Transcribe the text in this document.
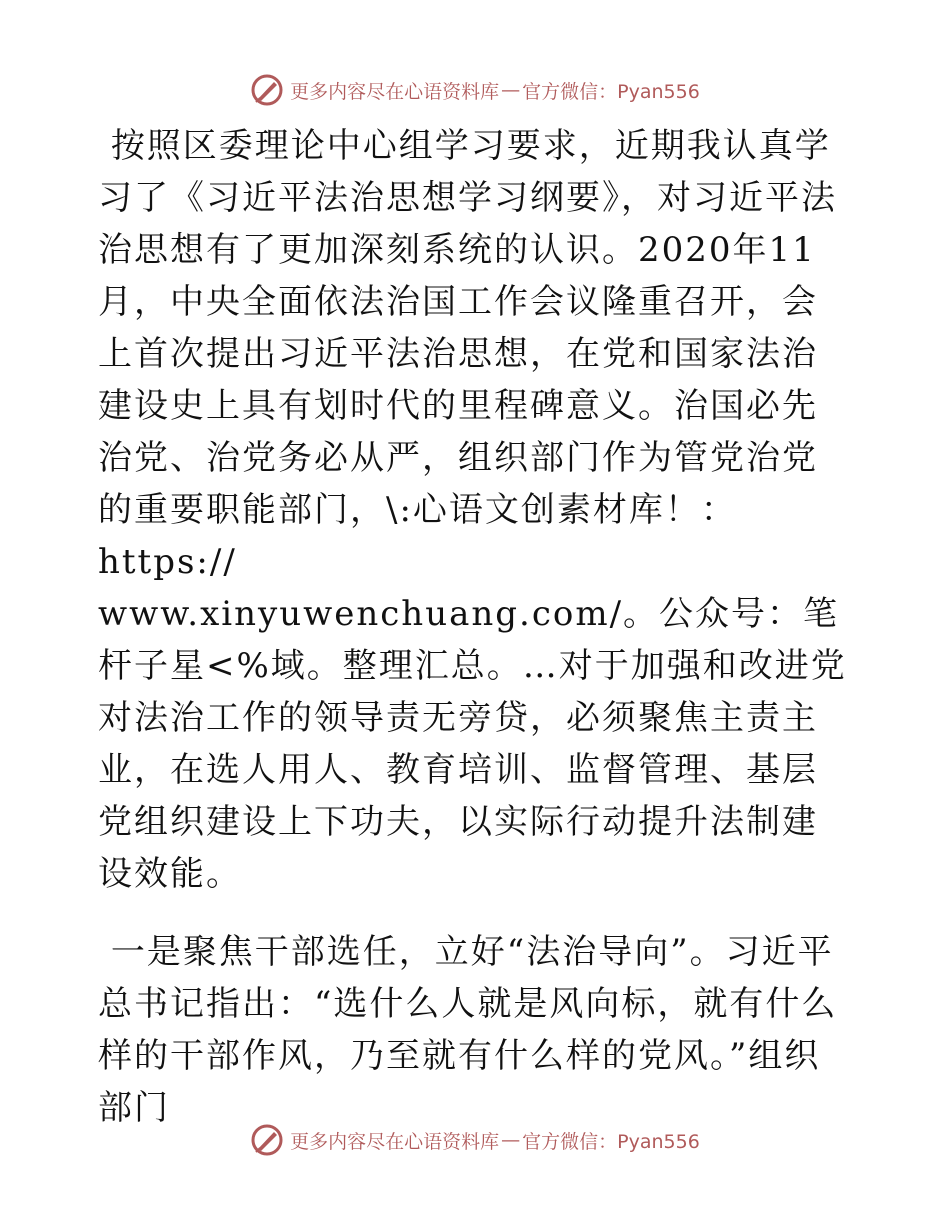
更多内容尽在心语资料库 — 官方微信：Pyan556

按照区委理论中心组学习要求，近期我认真学习了《习近平法治思想学习纲要》，对习近平法治思想有了更加深刻系统的认识。2020年11月，中央全面依法治国工作会议隆重召开，会上首次提出习近平法治思想，在党和国家法治建设史上具有划时代的里程碑意义。治国必先治党、治党务必从严，组织部门作为管党治党的重要职能部门，\:心语文创素材库！：https://
www.xinyuwenchuang.com/。公众号：笔杆子星<%域。整理汇总。…对于加强和改进党对法治工作的领导责无旁贷，必须聚焦主责主业，在选人用人、教育培训、监督管理、基层党组织建设上下功夫，以实际行动提升法制建设效能。

一是聚焦干部选任，立好“法治导向”。习近平总书记指出：“选什么人就是风向标，就有什么样的干部作风，乃至就有什么样的党风。”组织部门

更多内容尽在心语资料库 — 官方微信：Pyan556
